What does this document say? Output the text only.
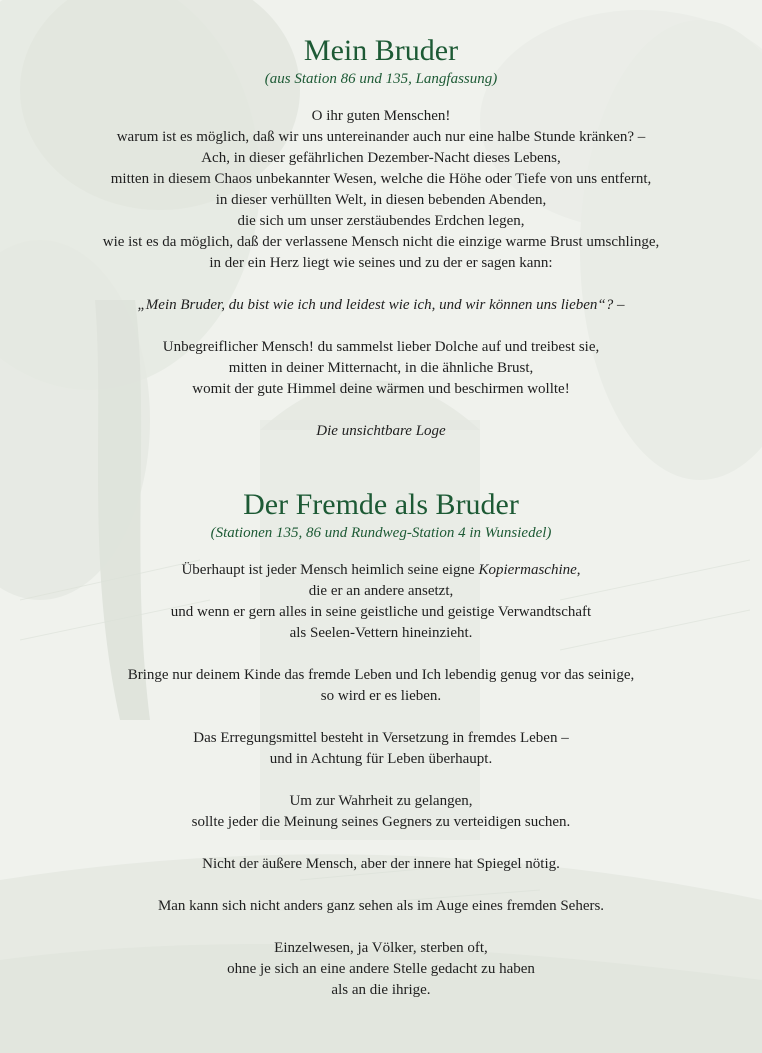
Mein Bruder

(aus Station 86 und 135, Langfassung)

O ihr guten Menschen!

warum ist es möglich, daß wir uns untereinander auch nur eine halbe Stunde kränken? –

Ach, in dieser gefährlichen Dezember-Nacht dieses Lebens,

mitten in diesem Chaos unbekannter Wesen, welche die Höhe oder Tiefe von uns entfernt,

in dieser verhüllten Welt, in diesen bebenden Abenden,

die sich um unser zerstäubendes Erdchen legen,

wie ist es da möglich, daß der verlassene Mensch nicht die einzige warme Brust umschlinge,

in der ein Herz liegt wie seines und zu der er sagen kann:

„Mein Bruder, du bist wie ich und leidest wie ich, und wir können uns lieben“? –

Unbegreiflicher Mensch! du sammelst lieber Dolche auf und treibest sie,

mitten in deiner Mitternacht, in die ähnliche Brust,

womit der gute Himmel deine wärmen und beschirmen wollte!

Die unsichtbare Loge

Der Fremde als Bruder

(Stationen 135, 86 und Rundweg-Station 4 in Wunsiedel)

Überhaupt ist jeder Mensch heimlich seine eigne Kopiermaschine,

die er an andere ansetzt,

und wenn er gern alles in seine geistliche und geistige Verwandtschaft

als Seelen-Vettern hineinzieht.

Bringe nur deinem Kinde das fremde Leben und Ich lebendig genug vor das seinige,

so wird er es lieben.

Das Erregungsmittel besteht in Versetzung in fremdes Leben –

und in Achtung für Leben überhaupt.

Um zur Wahrheit zu gelangen,

sollte jeder die Meinung seines Gegners zu verteidigen suchen.

Nicht der äußere Mensch, aber der innere hat Spiegel nötig.

Man kann sich nicht anders ganz sehen als im Auge eines fremden Sehers.

Einzelwesen, ja Völker, sterben oft,

ohne je sich an eine andere Stelle gedacht zu haben

als an die ihrige.
